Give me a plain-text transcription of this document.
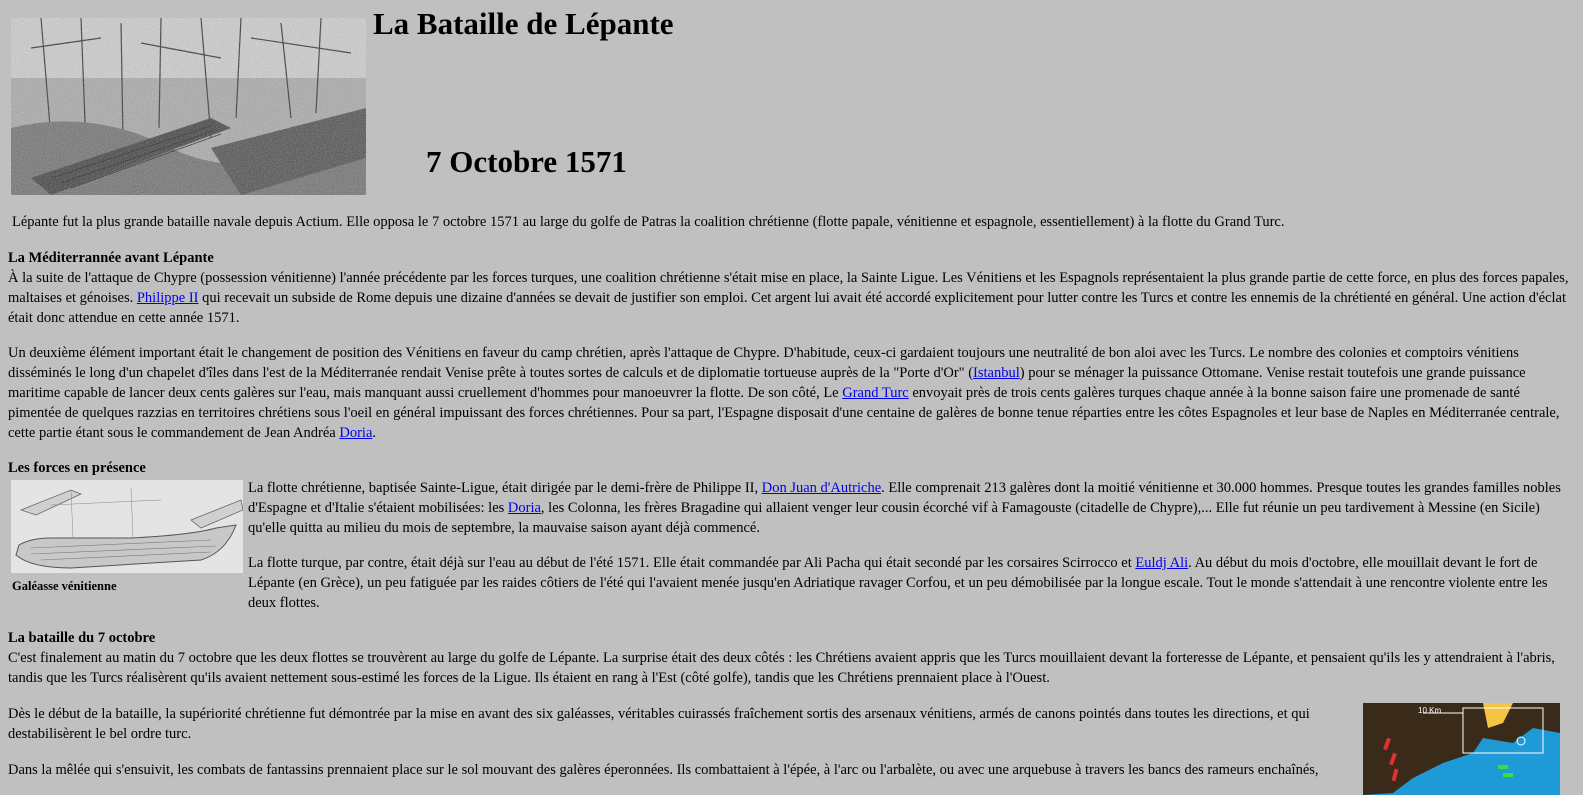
La Bataille de Lépante
7 Octobre 1571

Lépante fut la plus grande bataille navale depuis Actium. Elle opposa le 7 octobre 1571 au large du golfe de Patras la coalition chrétienne (flotte papale, vénitienne et espagnole, essentiellement) à la flotte du Grand Turc.

La Méditerrannée avant Lépante

À la suite de l'attaque de Chypre (possession vénitienne) l'année précédente par les forces turques, une coalition chrétienne s'était mise en place, la Sainte Ligue. Les Vénitiens et les Espagnols représentaient la plus grande partie de cette force, en plus des forces papales, maltaises et génoises. Philippe II qui recevait un subside de Rome depuis une dizaine d'années se devait de justifier son emploi. Cet argent lui avait été accordé explicitement pour lutter contre les Turcs et contre les ennemis de la chrétienté en général. Une action d'éclat était donc attendue en cette année 1571.

Un deuxième élément important était le changement de position des Vénitiens en faveur du camp chrétien, après l'attaque de Chypre. D'habitude, ceux-ci gardaient toujours une neutralité de bon aloi avec les Turcs. Le nombre des colonies et comptoirs vénitiens disséminés le long d'un chapelet d'îles dans l'est de la Méditerranée rendait Venise prête à toutes sortes de calculs et de diplomatie tortueuse auprès de la "Porte d'Or" (Istanbul) pour se ménager la puissance Ottomane. Venise restait toutefois une grande puissance maritime capable de lancer deux cents galères sur l'eau, mais manquant aussi cruellement d'hommes pour manoeuvrer la flotte. De son côté, Le Grand Turc envoyait près de trois cents galères turques chaque année à la bonne saison faire une promenade de santé pimentée de quelques razzias en territoires chrétiens sous l'oeil en général impuissant des forces chrétiennes. Pour sa part, l'Espagne disposait d'une centaine de galères de bonne tenue réparties entre les côtes Espagnoles et leur base de Naples en Méditerranée centrale, cette partie étant sous le commandement de Jean Andréa Doria.

Les forces en présence
Galéasse vénitienne

La flotte chrétienne, baptisée Sainte-Ligue, était dirigée par le demi-frère de Philippe II, Don Juan d'Autriche. Elle comprenait 213 galères dont la moitié vénitienne et 30.000 hommes. Presque toutes les grandes familles nobles d'Espagne et d'Italie s'étaient mobilisées: les Doria, les Colonna, les frères Bragadine qui allaient venger leur cousin écorché vif à Famagouste (citadelle de Chypre),... Elle fut réunie un peu tardivement à Messine (en Sicile) qu'elle quitta au milieu du mois de septembre, la mauvaise saison ayant déjà commencé.

La flotte turque, par contre, était déjà sur l'eau au début de l'été 1571. Elle était commandée par Ali Pacha qui était secondé par les corsaires Scirrocco et Euldj Ali. Au début du mois d'octobre, elle mouillait devant le fort de Lépante (en Grèce), un peu fatiguée par les raides côtiers de l'été qui l'avaient menée jusqu'en Adriatique ravager Corfou, et un peu démobilisée par la longue escale. Tout le monde s'attendait à une rencontre violente entre les deux flottes.

La bataille du 7 octobre

C'est finalement au matin du 7 octobre que les deux flottes se trouvèrent au large du golfe de Lépante. La surprise était des deux côtés : les Chrétiens avaient appris que les Turcs mouillaient devant la forteresse de Lépante, et pensaient qu'ils les y attendraient à l'abris, tandis que les Turcs réalisèrent qu'ils avaient nettement sous-estimé les forces de la Ligue. Ils étaient en rang à l'Est (côté golfe), tandis que les Chrétiens prennaient place à l'Ouest.

Dès le début de la bataille, la supériorité chrétienne fut démontrée par la mise en avant des six galéasses, véritables cuirassés fraîchement sortis des arsenaux vénitiens, armés de canons pointés dans toutes les directions, et qui destabilisèrent le bel ordre turc.

Dans la mêlée qui s'ensuivit, les combats de fantassins prennaient place sur le sol mouvant des galères éperonnées. Ils combattaient à l'épée, à l'arc ou l'arbalète, ou avec une arquebuse à travers les bancs des rameurs enchaînés,

10 Km
